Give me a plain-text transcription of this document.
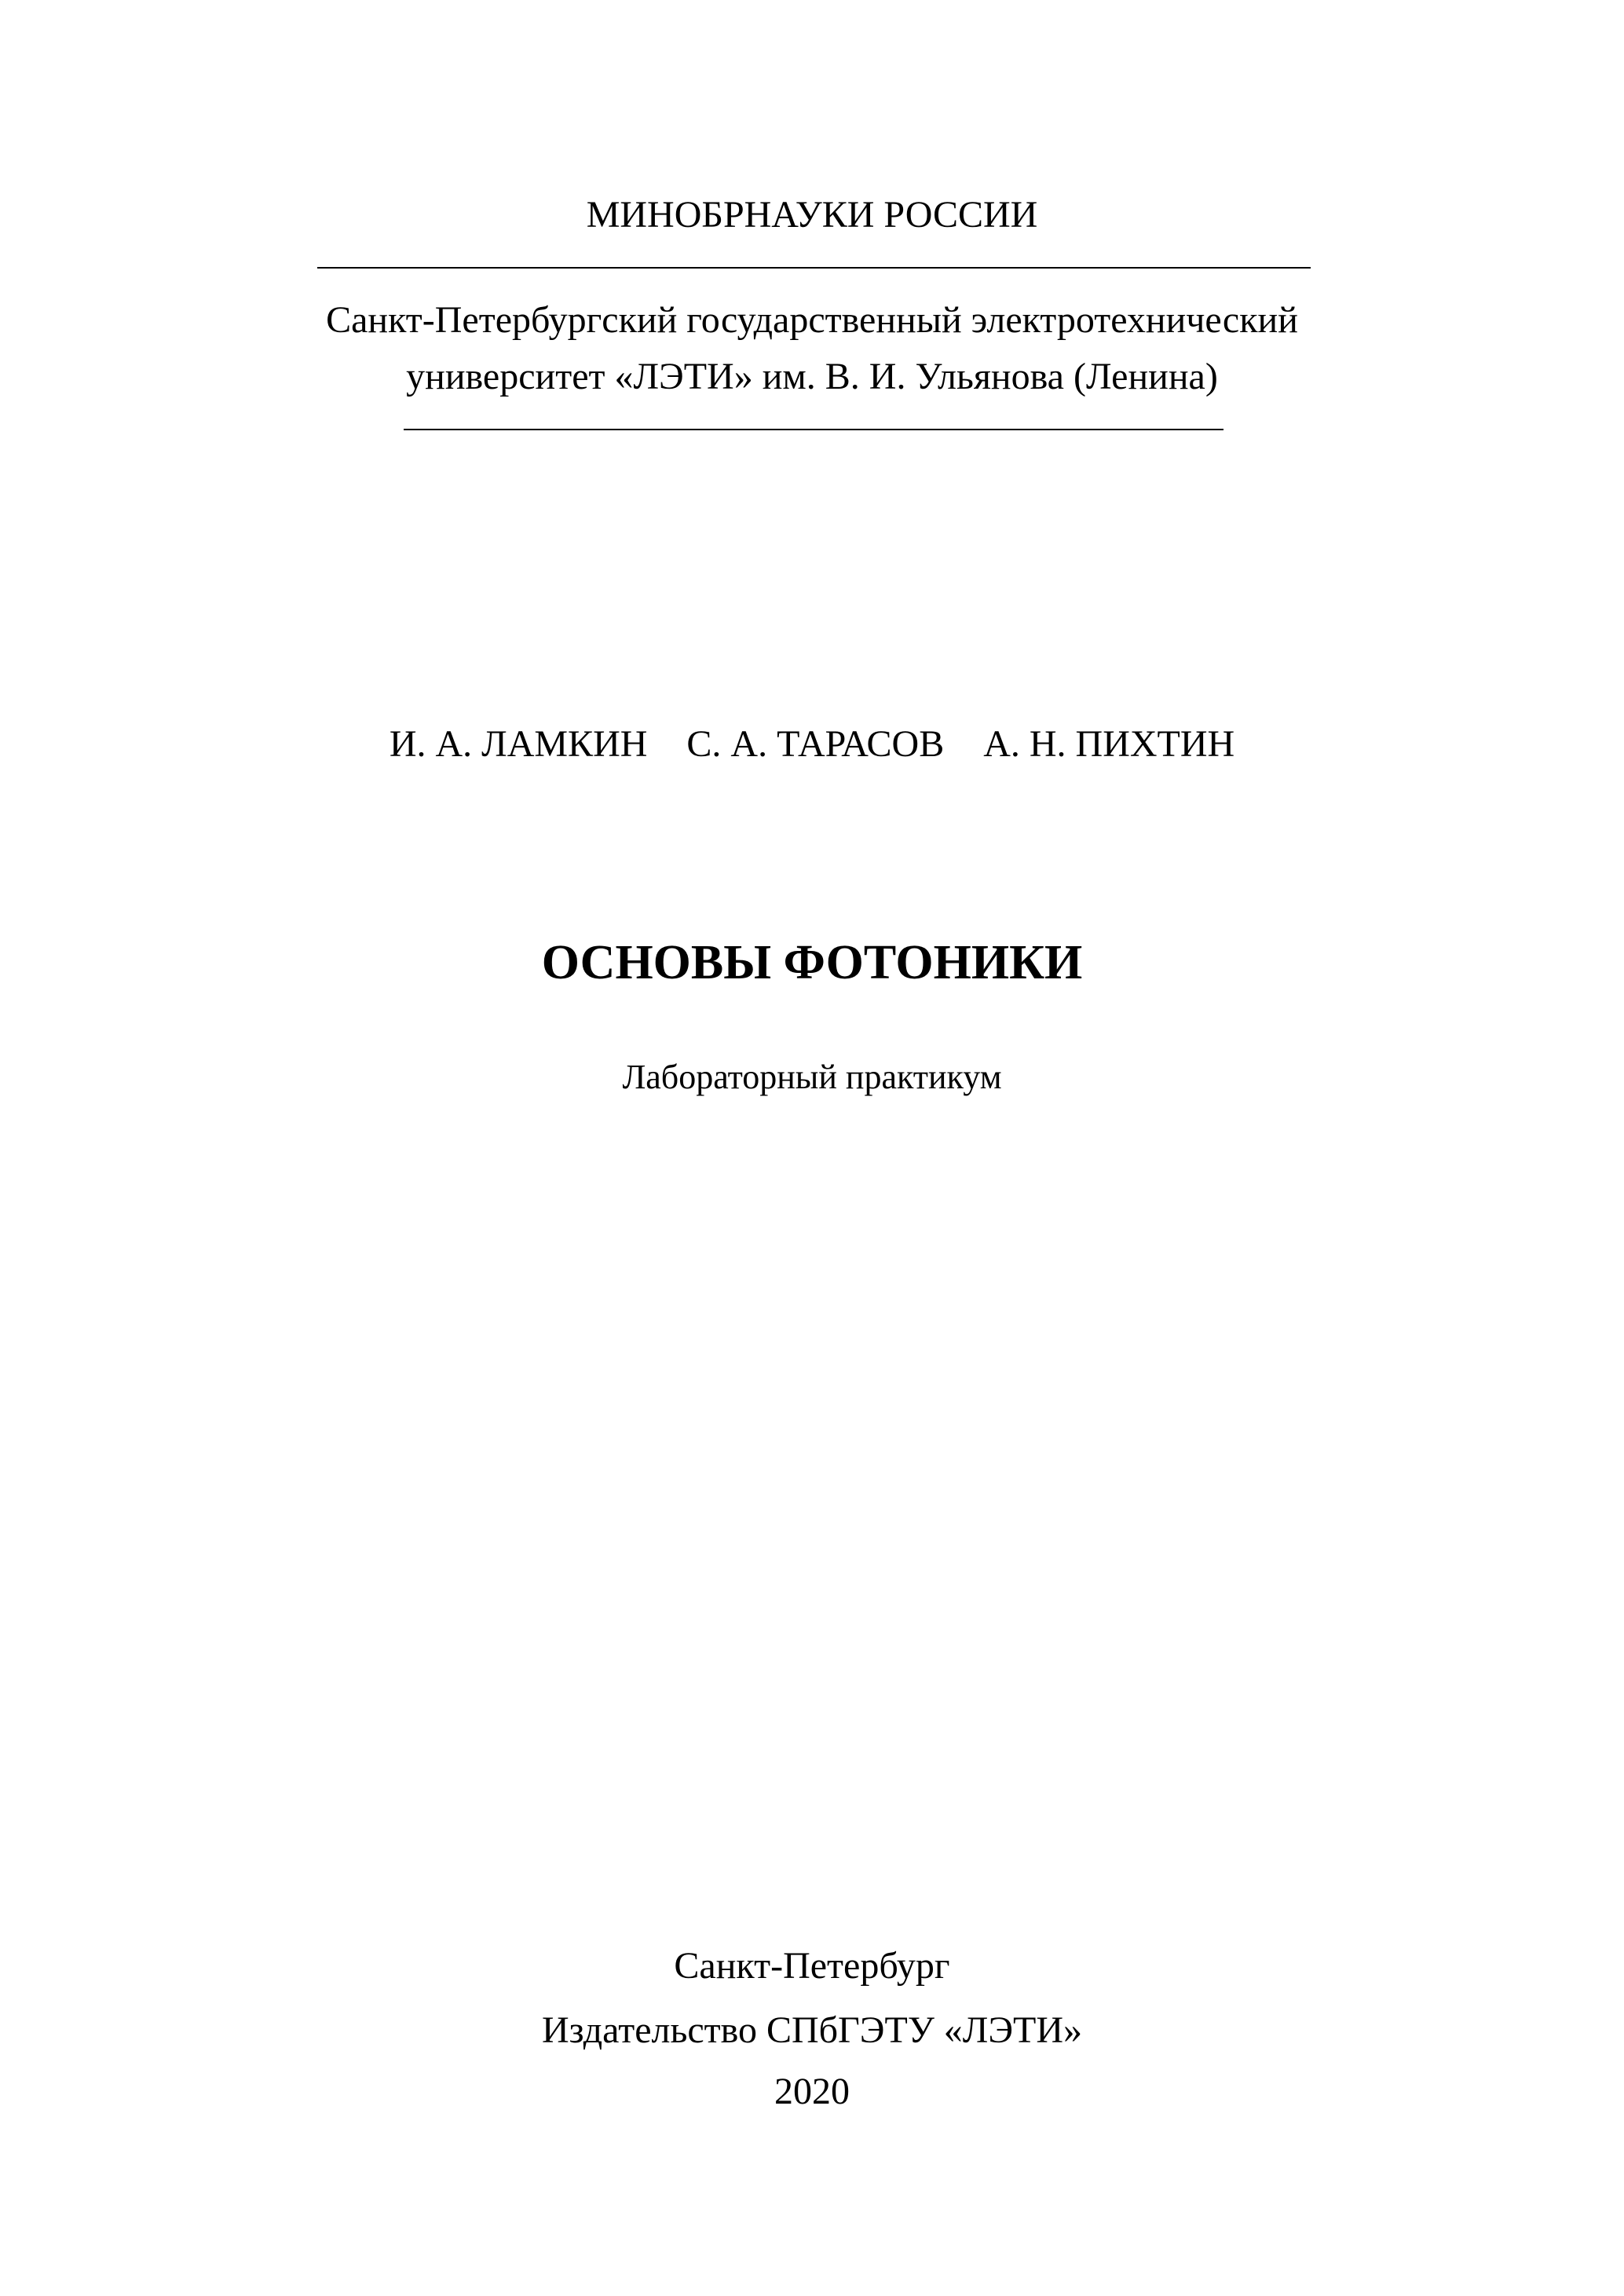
МИНОБРНАУКИ РОССИИ
Санкт-Петербургский государственный электротехнический
университет «ЛЭТИ» им. В. И. Ульянова (Ленина)
И. А. ЛАМКИН С. А. ТАРАСОВ А. Н. ПИХТИН
ОСНОВЫ ФОТОНИКИ
Лабораторный практикум
Санкт-Петербург
Издательство СПбГЭТУ «ЛЭТИ»
2020
